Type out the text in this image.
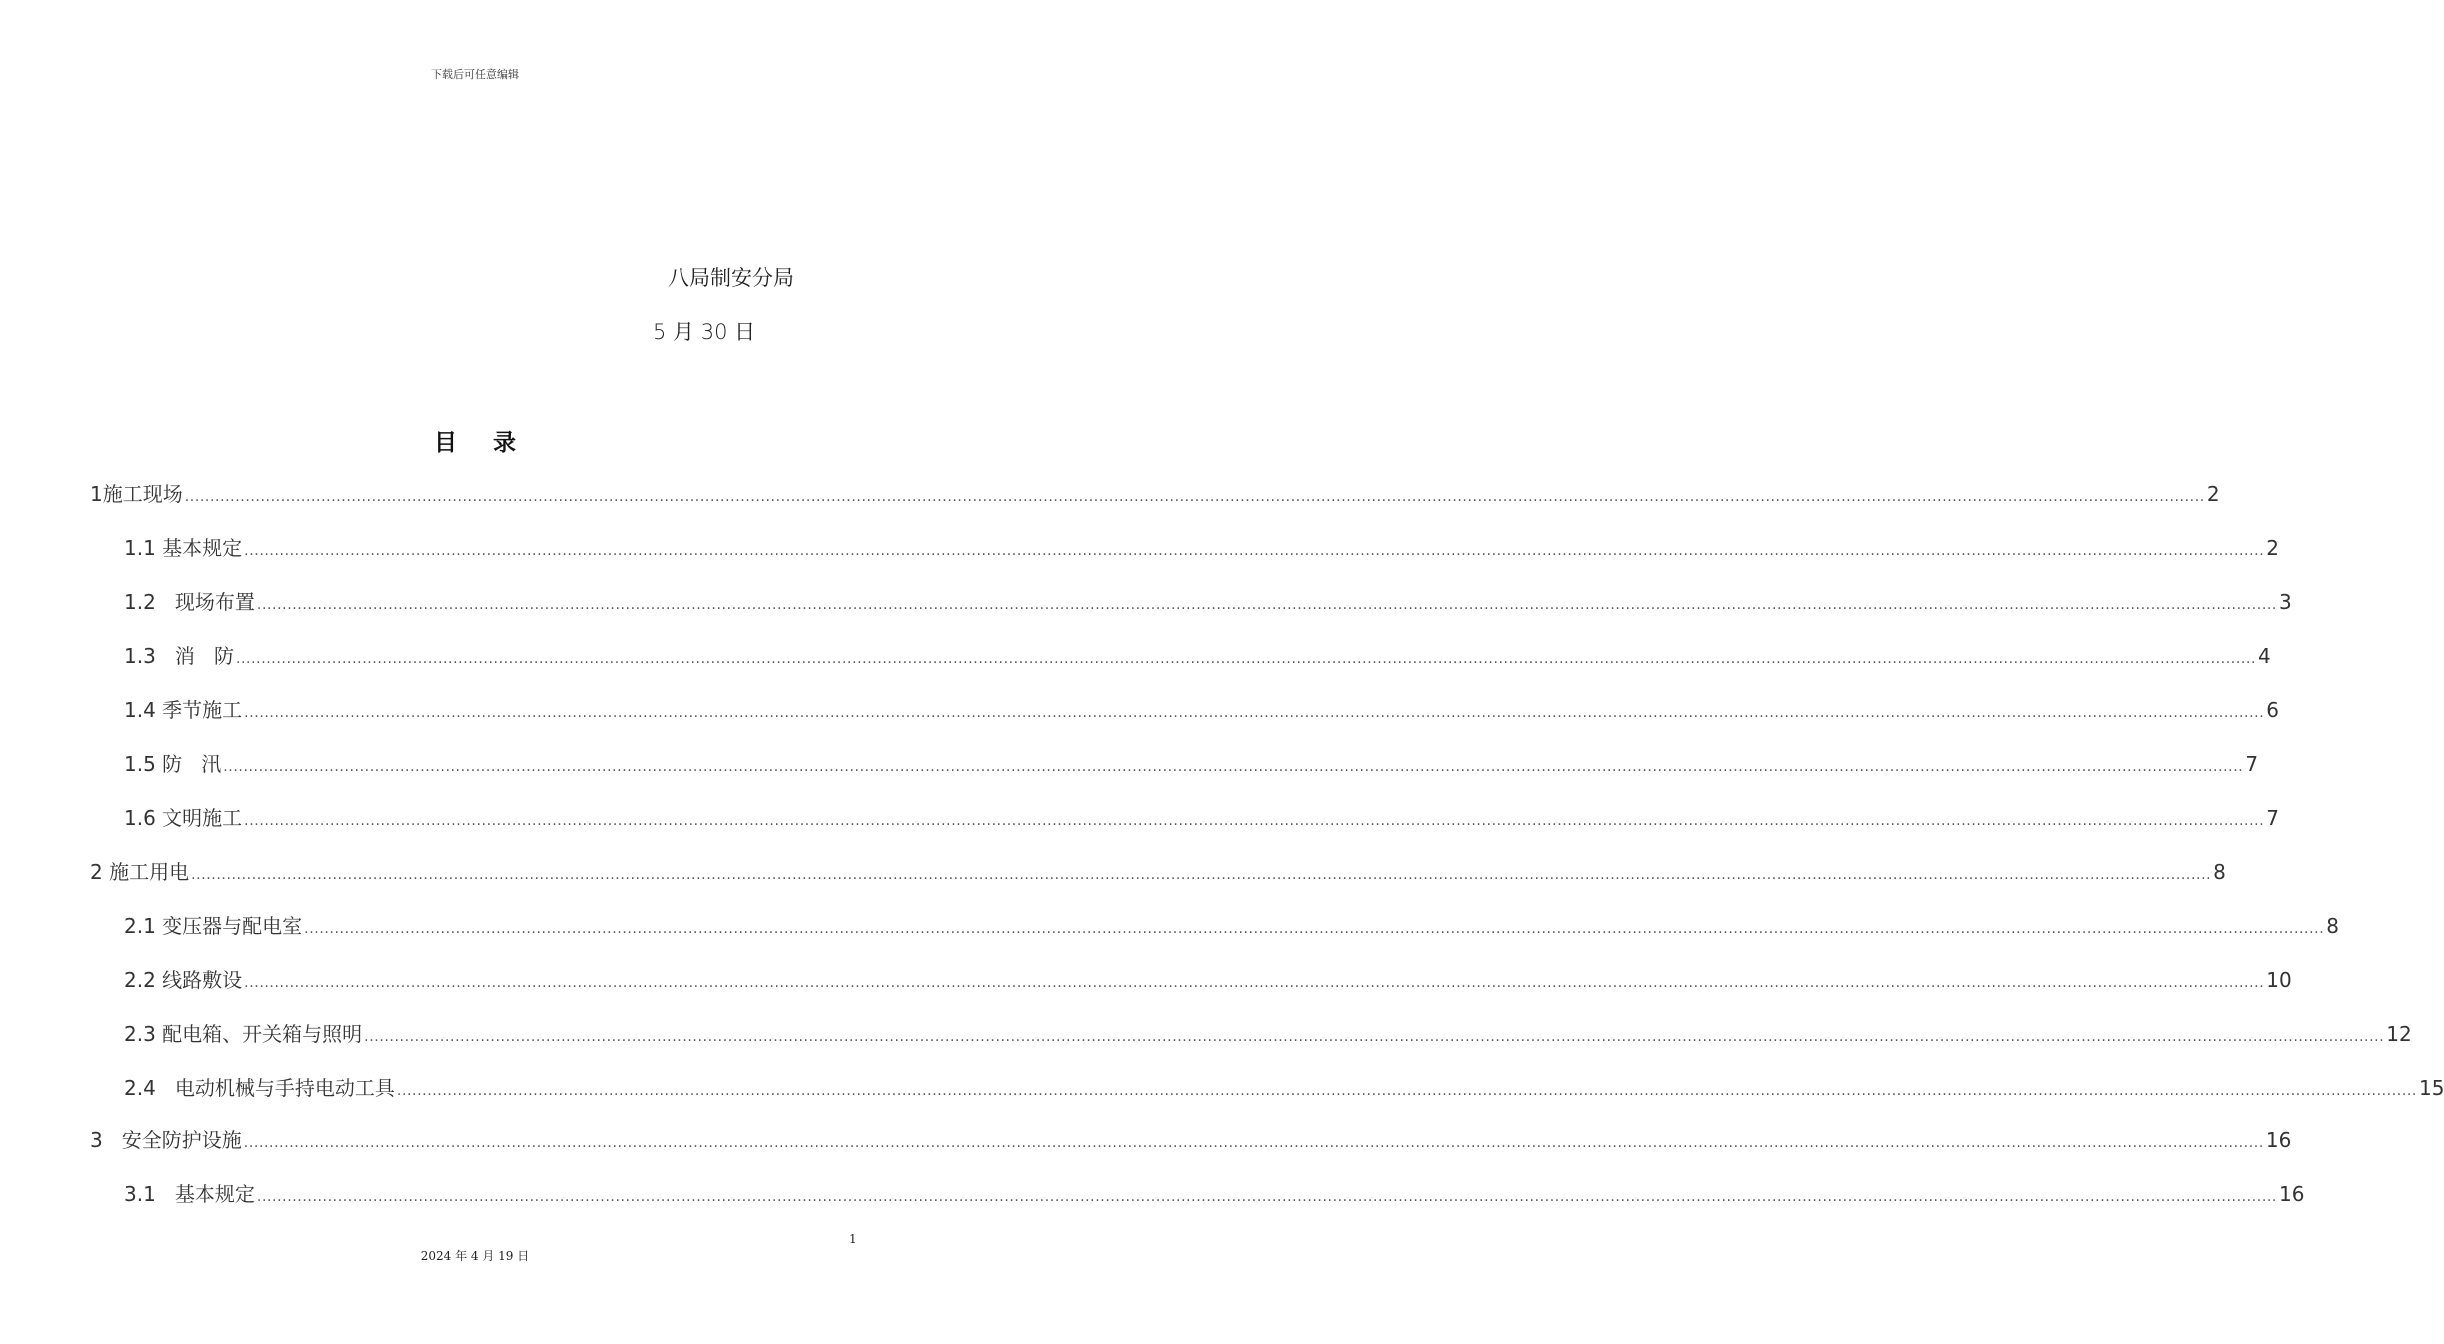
下载后可任意编辑
八局制安分局
5 月 30 日
目 录
1施工现场 ................................................................................................................................................................................................................................................................................................................................................................................................................ 2
1.1 基本规定 ................................................................................................................................................................................................................................................................................................................................................................................................................ 2
1.2   现场布置 ................................................................................................................................................................................................................................................................................................................................................................................................................ 3
1.3   消   防 ................................................................................................................................................................................................................................................................................................................................................................................................................ 4
1.4 季节施工 ................................................................................................................................................................................................................................................................................................................................................................................................................ 6
1.5 防   汛 ................................................................................................................................................................................................................................................................................................................................................................................................................ 7
1.6 文明施工 ................................................................................................................................................................................................................................................................................................................................................................................................................ 7
2 施工用电 ................................................................................................................................................................................................................................................................................................................................................................................................................ 8
2.1 变压器与配电室 ................................................................................................................................................................................................................................................................................................................................................................................................................ 8
2.2 线路敷设 ................................................................................................................................................................................................................................................................................................................................................................................................................ 10
2.3 配电箱、开关箱与照明 ................................................................................................................................................................................................................................................................................................................................................................................................................ 12
2.4   电动机械与手持电动工具 ................................................................................................................................................................................................................................................................................................................................................................................................................ 15
3   安全防护设施 ................................................................................................................................................................................................................................................................................................................................................................................................................ 16
3.1   基本规定 ................................................................................................................................................................................................................................................................................................................................................................................................................ 16
1
2024 年 4 月 19 日
